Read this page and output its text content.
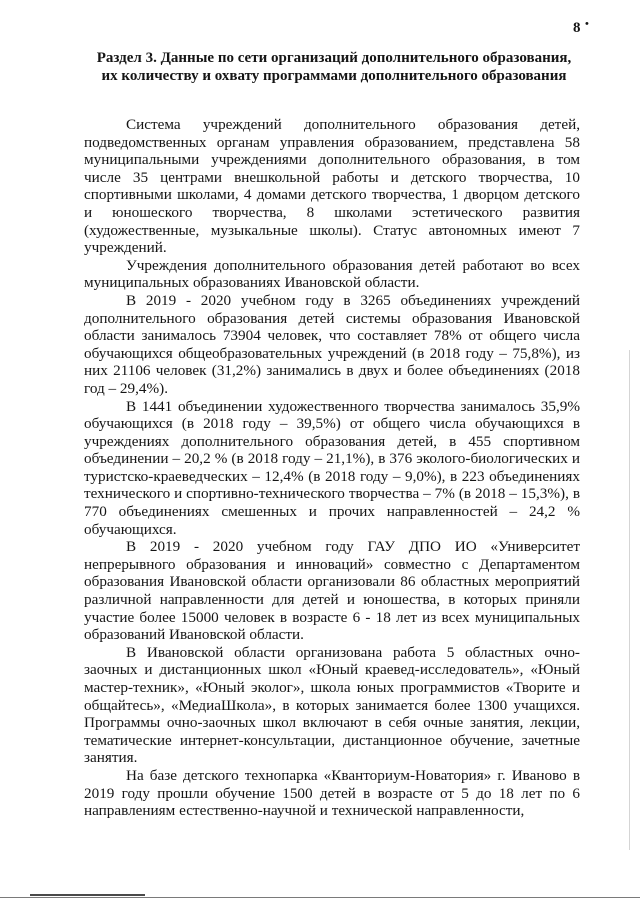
8 •
Раздел 3. Данные по сети организаций дополнительного образования,
их количеству и охвату программами дополнительного образования

Система учреждений дополнительного образования детей, подведомственных органам управления образованием, представлена 58 муниципальными учреждениями дополнительного образования, в том числе 35 центрами внешкольной работы и детского творчества, 10 спортивными школами, 4 домами детского творчества, 1 дворцом детского и юношеского творчества, 8 школами эстетического развития (художественные, музыкальные школы). Статус автономных имеют 7 учреждений.

Учреждения дополнительного образования детей работают во всех муниципальных образованиях Ивановской области.

В 2019 - 2020 учебном году в 3265 объединениях учреждений дополнительного образования детей системы образования Ивановской области занималось 73904 человек, что составляет 78% от общего числа обучающихся общеобразовательных учреждений (в 2018 году – 75,8%), из них 21106 человек (31,2%) занимались в двух и более объединениях (2018 год – 29,4%).

В 1441 объединении художественного творчества занималось 35,9% обучающихся (в 2018 году – 39,5%) от общего числа обучающихся в учреждениях дополнительного образования детей, в 455 спортивном объединении – 20,2 % (в 2018 году – 21,1%), в 376 эколого-биологических и туристско-краеведческих – 12,4% (в 2018 году – 9,0%), в 223 объединениях технического и спортивно-технического творчества – 7% (в 2018 – 15,3%), в 770 объединениях смешенных и прочих направленностей – 24,2 % обучающихся.

В 2019 - 2020 учебном году ГАУ ДПО ИО «Университет непрерывного образования и инноваций» совместно с Департаментом образования Ивановской области организовали 86 областных мероприятий различной направленности для детей и юношества, в которых приняли участие более 15000 человек в возрасте 6 - 18 лет из всех муниципальных образований Ивановской области.

В Ивановской области организована работа 5 областных очно-заочных и дистанционных школ «Юный краевед-исследователь», «Юный мастер-техник», «Юный эколог», школа юных программистов «Творите и общайтесь», «МедиаШкола», в которых занимается более 1300 учащихся. Программы очно-заочных школ включают в себя очные занятия, лекции, тематические интернет-консультации, дистанционное обучение, зачетные занятия.

На базе детского технопарка «Кванториум-Новатория» г. Иваново в 2019 году прошли обучение 1500 детей в возрасте от 5 до 18 лет по 6 направлениям естественно-научной и технической направленности,
